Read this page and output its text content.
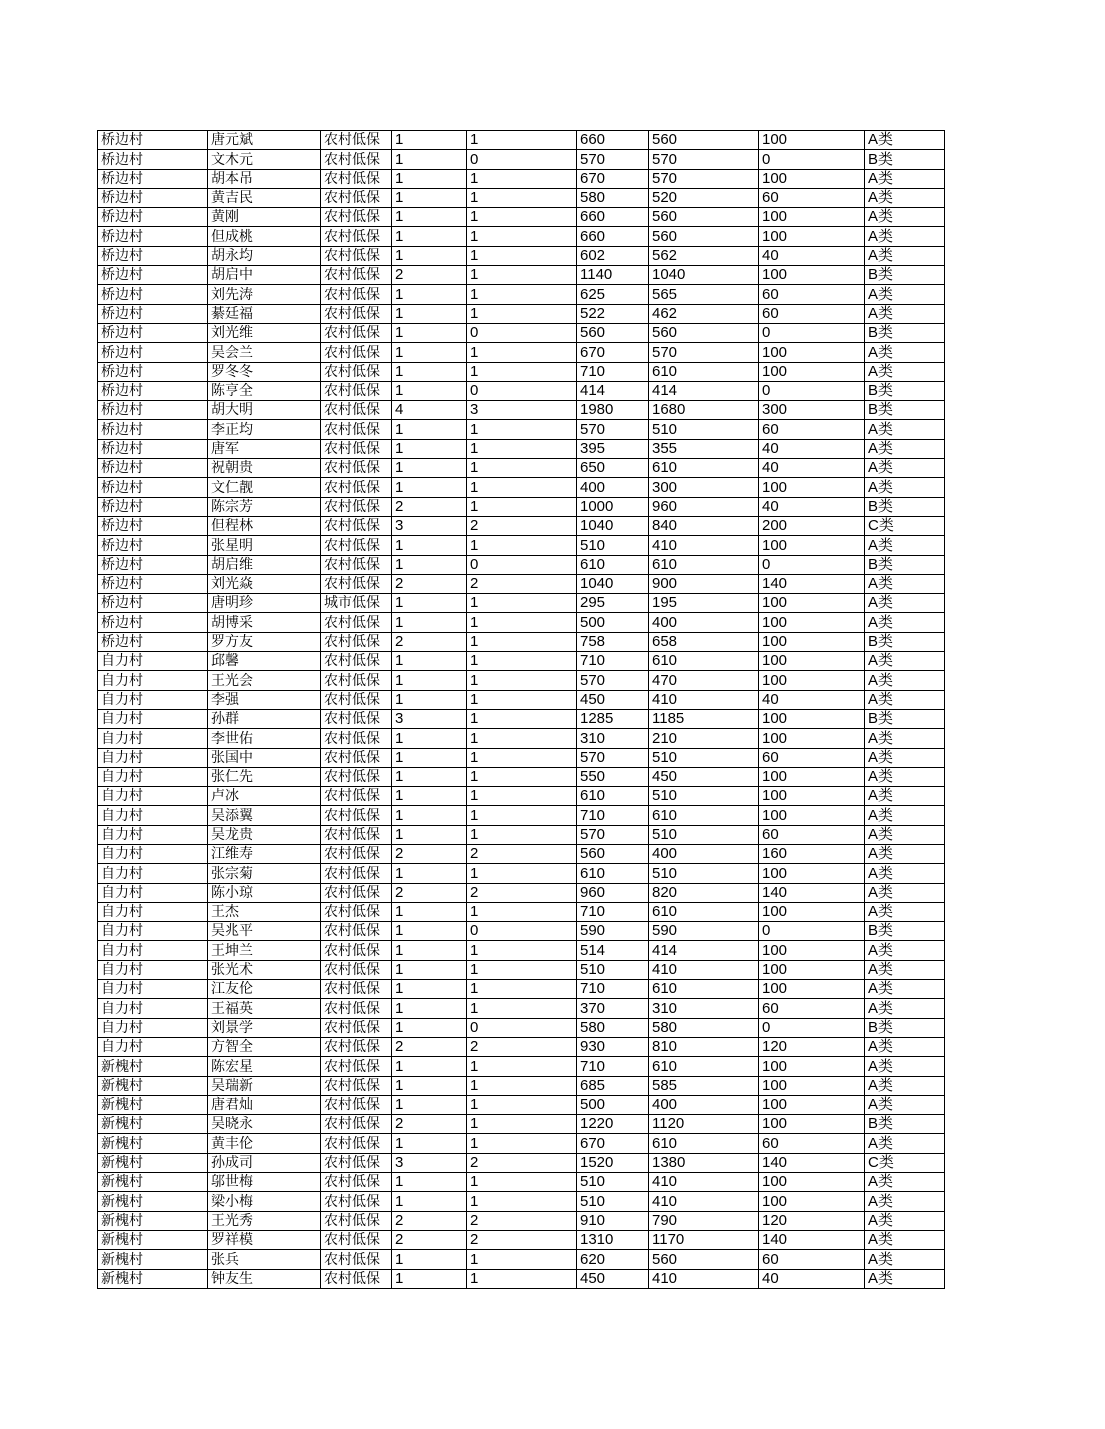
桥边村	唐元斌	农村低保	1	1	660	560	100	A类
桥边村	文木元	农村低保	1	0	570	570	0	B类
桥边村	胡本吊	农村低保	1	1	670	570	100	A类
桥边村	黄吉民	农村低保	1	1	580	520	60	A类
桥边村	黄刚	农村低保	1	1	660	560	100	A类
桥边村	但成桃	农村低保	1	1	660	560	100	A类
桥边村	胡永均	农村低保	1	1	602	562	40	A类
桥边村	胡启中	农村低保	2	1	1140	1040	100	B类
桥边村	刘先涛	农村低保	1	1	625	565	60	A类
桥边村	綦廷福	农村低保	1	1	522	462	60	A类
桥边村	刘光维	农村低保	1	0	560	560	0	B类
桥边村	吴会兰	农村低保	1	1	670	570	100	A类
桥边村	罗冬冬	农村低保	1	1	710	610	100	A类
桥边村	陈亨全	农村低保	1	0	414	414	0	B类
桥边村	胡大明	农村低保	4	3	1980	1680	300	B类
桥边村	李正均	农村低保	1	1	570	510	60	A类
桥边村	唐军	农村低保	1	1	395	355	40	A类
桥边村	祝朝贵	农村低保	1	1	650	610	40	A类
桥边村	文仁靓	农村低保	1	1	400	300	100	A类
桥边村	陈宗芳	农村低保	2	1	1000	960	40	B类
桥边村	但程林	农村低保	3	2	1040	840	200	C类
桥边村	张星明	农村低保	1	1	510	410	100	A类
桥边村	胡启维	农村低保	1	0	610	610	0	B类
桥边村	刘光焱	农村低保	2	2	1040	900	140	A类
桥边村	唐明珍	城市低保	1	1	295	195	100	A类
桥边村	胡博采	农村低保	1	1	500	400	100	A类
桥边村	罗方友	农村低保	2	1	758	658	100	B类
自力村	邱馨	农村低保	1	1	710	610	100	A类
自力村	王光会	农村低保	1	1	570	470	100	A类
自力村	李强	农村低保	1	1	450	410	40	A类
自力村	孙群	农村低保	3	1	1285	1185	100	B类
自力村	李世佑	农村低保	1	1	310	210	100	A类
自力村	张国中	农村低保	1	1	570	510	60	A类
自力村	张仁先	农村低保	1	1	550	450	100	A类
自力村	卢冰	农村低保	1	1	610	510	100	A类
自力村	吴添翼	农村低保	1	1	710	610	100	A类
自力村	吴龙贵	农村低保	1	1	570	510	60	A类
自力村	江维寿	农村低保	2	2	560	400	160	A类
自力村	张宗菊	农村低保	1	1	610	510	100	A类
自力村	陈小琼	农村低保	2	2	960	820	140	A类
自力村	王杰	农村低保	1	1	710	610	100	A类
自力村	吴兆平	农村低保	1	0	590	590	0	B类
自力村	王坤兰	农村低保	1	1	514	414	100	A类
自力村	张光术	农村低保	1	1	510	410	100	A类
自力村	江友伦	农村低保	1	1	710	610	100	A类
自力村	王福英	农村低保	1	1	370	310	60	A类
自力村	刘景学	农村低保	1	0	580	580	0	B类
自力村	方智全	农村低保	2	2	930	810	120	A类
新槐村	陈宏星	农村低保	1	1	710	610	100	A类
新槐村	吴瑞新	农村低保	1	1	685	585	100	A类
新槐村	唐君灿	农村低保	1	1	500	400	100	A类
新槐村	吴晓永	农村低保	2	1	1220	1120	100	B类
新槐村	黄丰伦	农村低保	1	1	670	610	60	A类
新槐村	孙成司	农村低保	3	2	1520	1380	140	C类
新槐村	邬世梅	农村低保	1	1	510	410	100	A类
新槐村	梁小梅	农村低保	1	1	510	410	100	A类
新槐村	王光秀	农村低保	2	2	910	790	120	A类
新槐村	罗祥模	农村低保	2	2	1310	1170	140	A类
新槐村	张兵	农村低保	1	1	620	560	60	A类
新槐村	钟友生	农村低保	1	1	450	410	40	A类
